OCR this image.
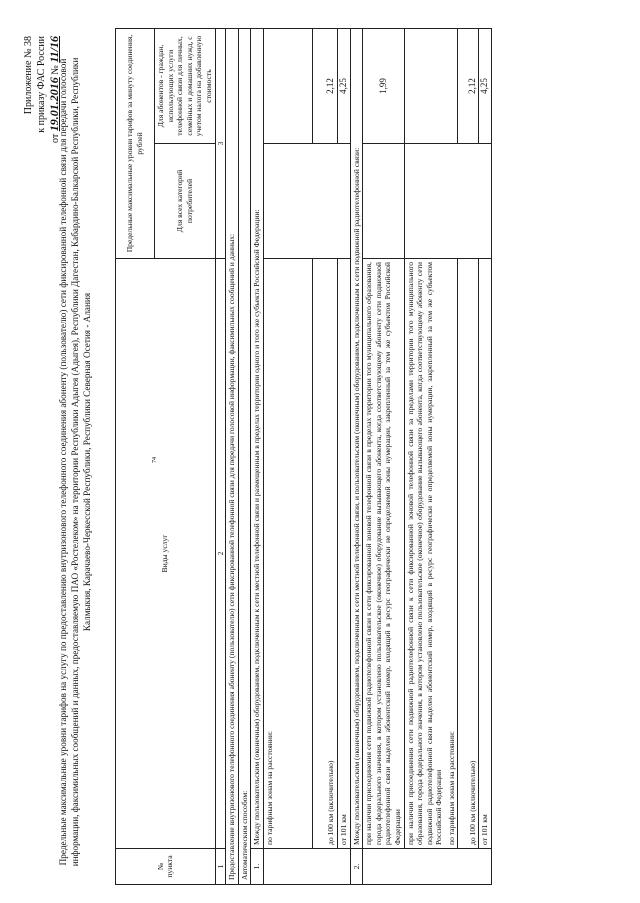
74
Приложение № 38 к приказу ФАС России
от 19.01.2016 № 11/16
Предельные максимальные уровни тарифов на услугу по предоставлению внутризонового телефонного соединения абоненту (пользователю) сети фиксированной телефонной связи для передачи голосовой информации, факсимильных сообщений и данных, предоставляемую ПАО «Ростелеком» на территории Республики Адыгея (Адыгея), Республики Дагестан, Кабардино-Балкарской Республики, Республики Калмыкия, Карачаево-Черкесской Республики, Республики Северная Осетия - Алания
№ пункта	Виды услуг	Предельные максимальные уровни тарифов за минуту соединения, рублей	
		Для всех категорий потребителей	Для абонентов - граждан, использующих услуги телефонной связи для личных, семейных и домашних нужд, с учетом налога на добавленную стоимость
1	2	3	
Предоставление внутризонового телефонного соединения абоненту (пользователю) сети фиксированной телефонной связи для передачи голосовой информации, факсимильных сообщений и данных:			
Автоматическим способом:			
1.	Между пользовательским (оконечным) оборудованием, подключенным к сети местной телефонной связи и размещенным в пределах территории одного и того же субъекта Российской Федерации:		
	по тарифным зонам на расстоянии:		
	до 100 км (включительно)		2,12
	от 101 км		4,25
2.	Между пользовательским (оконечным) оборудованием, подключенным к сети местной телефонной связи, и пользовательским (оконечным) оборудованием, подключенным к сети подвижной радиотелефонной связи:		
	при наличии присоединения сети подвижной радиотелефонной связи к сети фиксированной зоновой телефонной связи в пределах территории того муниципального образования, города федерального значения, в котором установлено пользовательское (оконечное) оборудование вызывающего абонента, когда соответствующему абоненту сети подвижной радиотелефонной связи выделен абонентский номер, входящий в ресурс географически не определяемой зоны нумерации, закрепленный за тем же субъектом Российской Федерации		1,99

	при наличии присоединения сети подвижной радиотелефонной связи к сети фиксированной зоновой телефонной связи за пределами территории того муниципального образования, города федерального значения, в котором установлено пользовательское (оконечное) оборудование вызывающего абонента, когда соответствующему абоненту сети подвижной радиотелефонной связи выделен абонентский номер, входящий в ресурс географически не определяемой зоны нумерации, закрепленный за тем же субъектом Российской Федерации по тарифным зонам на расстоянии:		

	до 100 км (включительно)		2,12
	от 101 км		4,25
